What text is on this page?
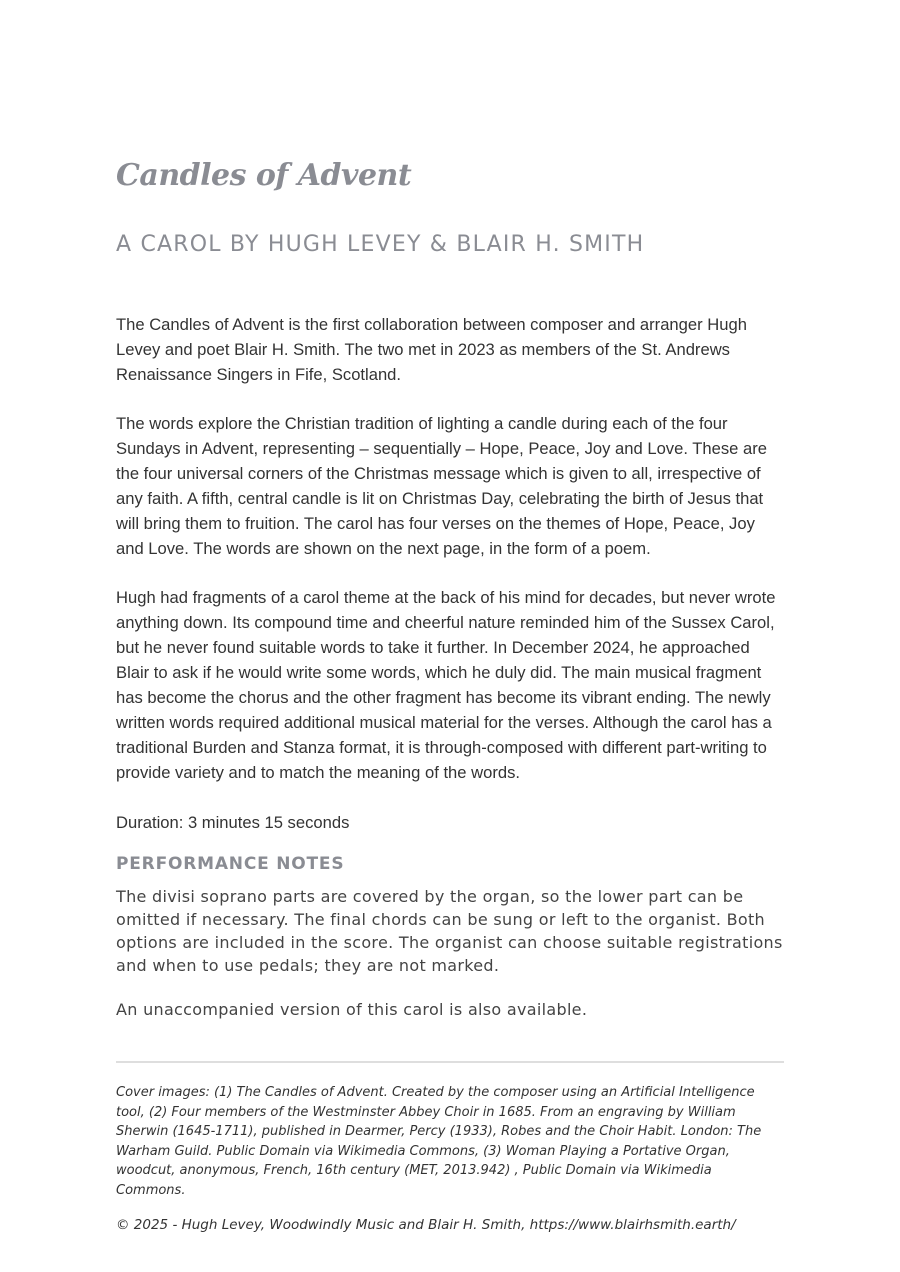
Candles of Advent
A CAROL BY HUGH LEVEY & BLAIR H. SMITH

The Candles of Advent is the first collaboration between composer and arranger Hugh Levey and poet Blair H. Smith. The two met in 2023 as members of the St. Andrews Renaissance Singers in Fife, Scotland.

The words explore the Christian tradition of lighting a candle during each of the four Sundays in Advent, representing – sequentially – Hope, Peace, Joy and Love. These are the four universal corners of the Christmas message which is given to all, irrespective of any faith. A fifth, central candle is lit on Christmas Day, celebrating the birth of Jesus that will bring them to fruition. The carol has four verses on the themes of Hope, Peace, Joy and Love. The words are shown on the next page, in the form of a poem.

Hugh had fragments of a carol theme at the back of his mind for decades, but never wrote anything down. Its compound time and cheerful nature reminded him of the Sussex Carol, but he never found suitable words to take it further. In December 2024, he approached Blair to ask if he would write some words, which he duly did. The main musical fragment has become the chorus and the other fragment has become its vibrant ending. The newly written words required additional musical material for the verses. Although the carol has a traditional Burden and Stanza format, it is through-composed with different part-writing to provide variety and to match the meaning of the words.

Duration: 3 minutes 15 seconds

PERFORMANCE NOTES

The divisi soprano parts are covered by the organ, so the lower part can be omitted if necessary. The final chords can be sung or left to the organist. Both options are included in the score. The organist can choose suitable registrations and when to use pedals; they are not marked.

An unaccompanied version of this carol is also available.

Cover images: (1) The Candles of Advent. Created by the composer using an Artificial Intelligence tool, (2) Four members of the Westminster Abbey Choir in 1685. From an engraving by William Sherwin (1645-1711), published in Dearmer, Percy (1933), Robes and the Choir Habit. London: The Warham Guild. Public Domain via Wikimedia Commons, (3) Woman Playing a Portative Organ, woodcut, anonymous, French, 16th century (MET, 2013.942) , Public Domain via Wikimedia Commons.

© 2025 - Hugh Levey, Woodwindly Music and Blair H. Smith, https://www.blairhsmith.earth/
